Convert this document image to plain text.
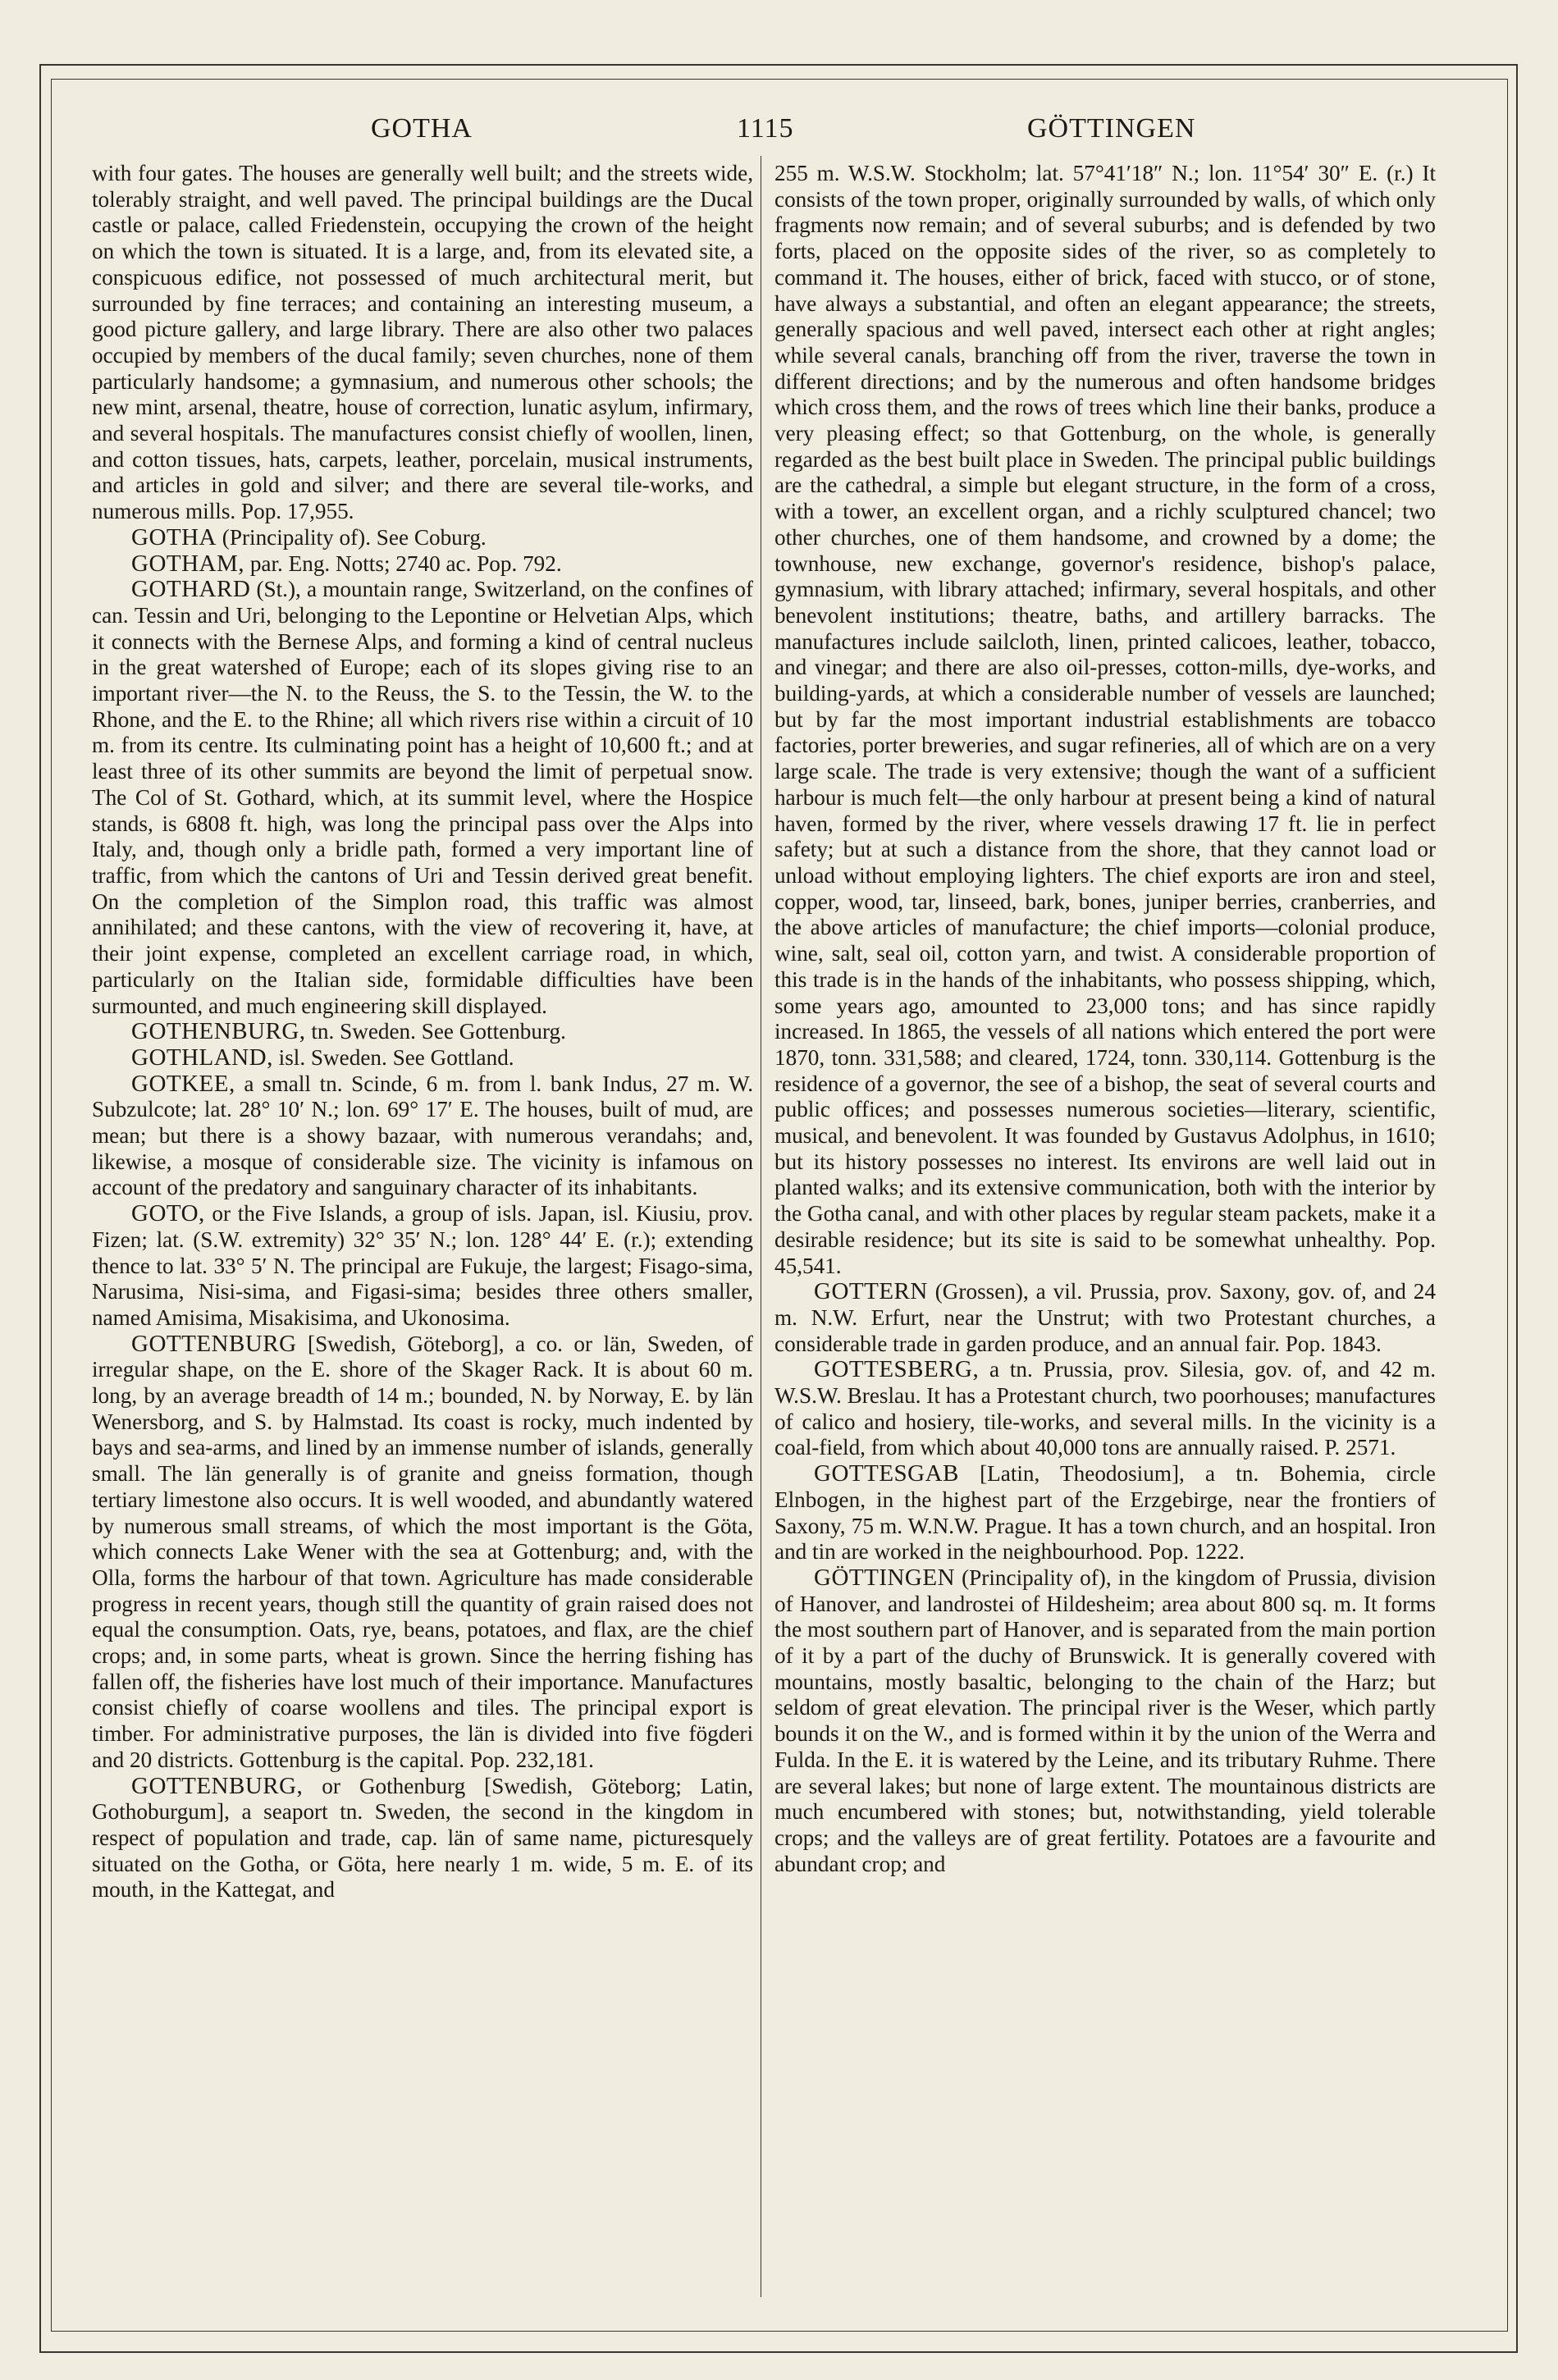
GOTHA	1115	GÖTTINGEN

with four gates. The houses are generally well built; and the streets wide, tolerably straight, and well paved. The principal buildings are the Ducal castle or palace, called Friedenstein, occupying the crown of the height on which the town is situated. It is a large, and, from its elevated site, a conspicuous edifice, not possessed of much architectural merit, but surrounded by fine terraces; and containing an interesting museum, a good picture gallery, and large library. There are also other two palaces occupied by members of the ducal family; seven churches, none of them particularly handsome; a gymnasium, and numerous other schools; the new mint, arsenal, theatre, house of correction, lunatic asylum, infirmary, and several hospitals. The manufactures consist chiefly of woollen, linen, and cotton tissues, hats, carpets, leather, porcelain, musical instruments, and articles in gold and silver; and there are several tile-works, and numerous mills. Pop. 17,955.

GOTHA (Principality of). See Coburg.

GOTHAM, par. Eng. Notts; 2740 ac. Pop. 792.

GOTHARD (St.), a mountain range, Switzerland, on the confines of can. Tessin and Uri, belonging to the Lepontine or Helvetian Alps, which it connects with the Bernese Alps, and forming a kind of central nucleus in the great watershed of Europe; each of its slopes giving rise to an important river—the N. to the Reuss, the S. to the Tessin, the W. to the Rhone, and the E. to the Rhine; all which rivers rise within a circuit of 10 m. from its centre. Its culminating point has a height of 10,600 ft.; and at least three of its other summits are beyond the limit of perpetual snow. The Col of St. Gothard, which, at its summit level, where the Hospice stands, is 6808 ft. high, was long the principal pass over the Alps into Italy, and, though only a bridle path, formed a very important line of traffic, from which the cantons of Uri and Tessin derived great benefit. On the completion of the Simplon road, this traffic was almost annihilated; and these cantons, with the view of recovering it, have, at their joint expense, completed an excellent carriage road, in which, particularly on the Italian side, formidable difficulties have been surmounted, and much engineering skill displayed.

GOTHENBURG, tn. Sweden. See Gottenburg.

GOTHLAND, isl. Sweden. See Gottland.

GOTKEE, a small tn. Scinde, 6 m. from l. bank Indus, 27 m. W. Subzulcote; lat. 28° 10′ N.; lon. 69° 17′ E. The houses, built of mud, are mean; but there is a showy bazaar, with numerous verandahs; and, likewise, a mosque of considerable size. The vicinity is infamous on account of the predatory and sanguinary character of its inhabitants.

GOTO, or the Five Islands, a group of isls. Japan, isl. Kiusiu, prov. Fizen; lat. (S.W. extremity) 32° 35′ N.; lon. 128° 44′ E. (r.); extending thence to lat. 33° 5′ N. The principal are Fukuje, the largest; Fisago-sima, Narusima, Nisi-sima, and Figasi-sima; besides three others smaller, named Amisima, Misakisima, and Ukonosima.

GOTTENBURG [Swedish, Göteborg], a co. or län, Sweden, of irregular shape, on the E. shore of the Skager Rack. It is about 60 m. long, by an average breadth of 14 m.; bounded, N. by Norway, E. by län Wenersborg, and S. by Halmstad. Its coast is rocky, much indented by bays and sea-arms, and lined by an immense number of islands, generally small. The län generally is of granite and gneiss formation, though tertiary limestone also occurs. It is well wooded, and abundantly watered by numerous small streams, of which the most important is the Göta, which connects Lake Wener with the sea at Gottenburg; and, with the Olla, forms the harbour of that town. Agriculture has made considerable progress in recent years, though still the quantity of grain raised does not equal the consumption. Oats, rye, beans, potatoes, and flax, are the chief crops; and, in some parts, wheat is grown. Since the herring fishing has fallen off, the fisheries have lost much of their importance. Manufactures consist chiefly of coarse woollens and tiles. The principal export is timber. For administrative purposes, the län is divided into five fögderi and 20 districts. Gottenburg is the capital. Pop. 232,181.

GOTTENBURG, or Gothenburg [Swedish, Göteborg; Latin, Gothoburgum], a seaport tn. Sweden, the second in the kingdom in respect of population and trade, cap. län of same name, picturesquely situated on the Gotha, or Göta, here nearly 1 m. wide, 5 m. E. of its mouth, in the Kattegat, and

255 m. W.S.W. Stockholm; lat. 57°41′18″ N.; lon. 11°54′ 30″ E. (r.) It consists of the town proper, originally surrounded by walls, of which only fragments now remain; and of several suburbs; and is defended by two forts, placed on the opposite sides of the river, so as completely to command it. The houses, either of brick, faced with stucco, or of stone, have always a substantial, and often an elegant appearance; the streets, generally spacious and well paved, intersect each other at right angles; while several canals, branching off from the river, traverse the town in different directions; and by the numerous and often handsome bridges which cross them, and the rows of trees which line their banks, produce a very pleasing effect; so that Gottenburg, on the whole, is generally regarded as the best built place in Sweden. The principal public buildings are the cathedral, a simple but elegant structure, in the form of a cross, with a tower, an excellent organ, and a richly sculptured chancel; two other churches, one of them handsome, and crowned by a dome; the townhouse, new exchange, governor's residence, bishop's palace, gymnasium, with library attached; infirmary, several hospitals, and other benevolent institutions; theatre, baths, and artillery barracks. The manufactures include sailcloth, linen, printed calicoes, leather, tobacco, and vinegar; and there are also oil-presses, cotton-mills, dye-works, and building-yards, at which a considerable number of vessels are launched; but by far the most important industrial establishments are tobacco factories, porter breweries, and sugar refineries, all of which are on a very large scale. The trade is very extensive; though the want of a sufficient harbour is much felt—the only harbour at present being a kind of natural haven, formed by the river, where vessels drawing 17 ft. lie in perfect safety; but at such a distance from the shore, that they cannot load or unload without employing lighters. The chief exports are iron and steel, copper, wood, tar, linseed, bark, bones, juniper berries, cranberries, and the above articles of manufacture; the chief imports—colonial produce, wine, salt, seal oil, cotton yarn, and twist. A considerable proportion of this trade is in the hands of the inhabitants, who possess shipping, which, some years ago, amounted to 23,000 tons; and has since rapidly increased. In 1865, the vessels of all nations which entered the port were 1870, tonn. 331,588; and cleared, 1724, tonn. 330,114. Gottenburg is the residence of a governor, the see of a bishop, the seat of several courts and public offices; and possesses numerous societies—literary, scientific, musical, and benevolent. It was founded by Gustavus Adolphus, in 1610; but its history possesses no interest. Its environs are well laid out in planted walks; and its extensive communication, both with the interior by the Gotha canal, and with other places by regular steam packets, make it a desirable residence; but its site is said to be somewhat unhealthy. Pop. 45,541.

GOTTERN (Grossen), a vil. Prussia, prov. Saxony, gov. of, and 24 m. N.W. Erfurt, near the Unstrut; with two Protestant churches, a considerable trade in garden produce, and an annual fair. Pop. 1843.

GOTTESBERG, a tn. Prussia, prov. Silesia, gov. of, and 42 m. W.S.W. Breslau. It has a Protestant church, two poorhouses; manufactures of calico and hosiery, tile-works, and several mills. In the vicinity is a coal-field, from which about 40,000 tons are annually raised. P. 2571.

GOTTESGAB [Latin, Theodosium], a tn. Bohemia, circle Elnbogen, in the highest part of the Erzgebirge, near the frontiers of Saxony, 75 m. W.N.W. Prague. It has a town church, and an hospital. Iron and tin are worked in the neighbourhood. Pop. 1222.

GÖTTINGEN (Principality of), in the kingdom of Prussia, division of Hanover, and landrostei of Hildesheim; area about 800 sq. m. It forms the most southern part of Hanover, and is separated from the main portion of it by a part of the duchy of Brunswick. It is generally covered with mountains, mostly basaltic, belonging to the chain of the Harz; but seldom of great elevation. The principal river is the Weser, which partly bounds it on the W., and is formed within it by the union of the Werra and Fulda. In the E. it is watered by the Leine, and its tributary Ruhme. There are several lakes; but none of large extent. The mountainous districts are much encumbered with stones; but, notwithstanding, yield tolerable crops; and the valleys are of great fertility. Potatoes are a favourite and abundant crop; and
